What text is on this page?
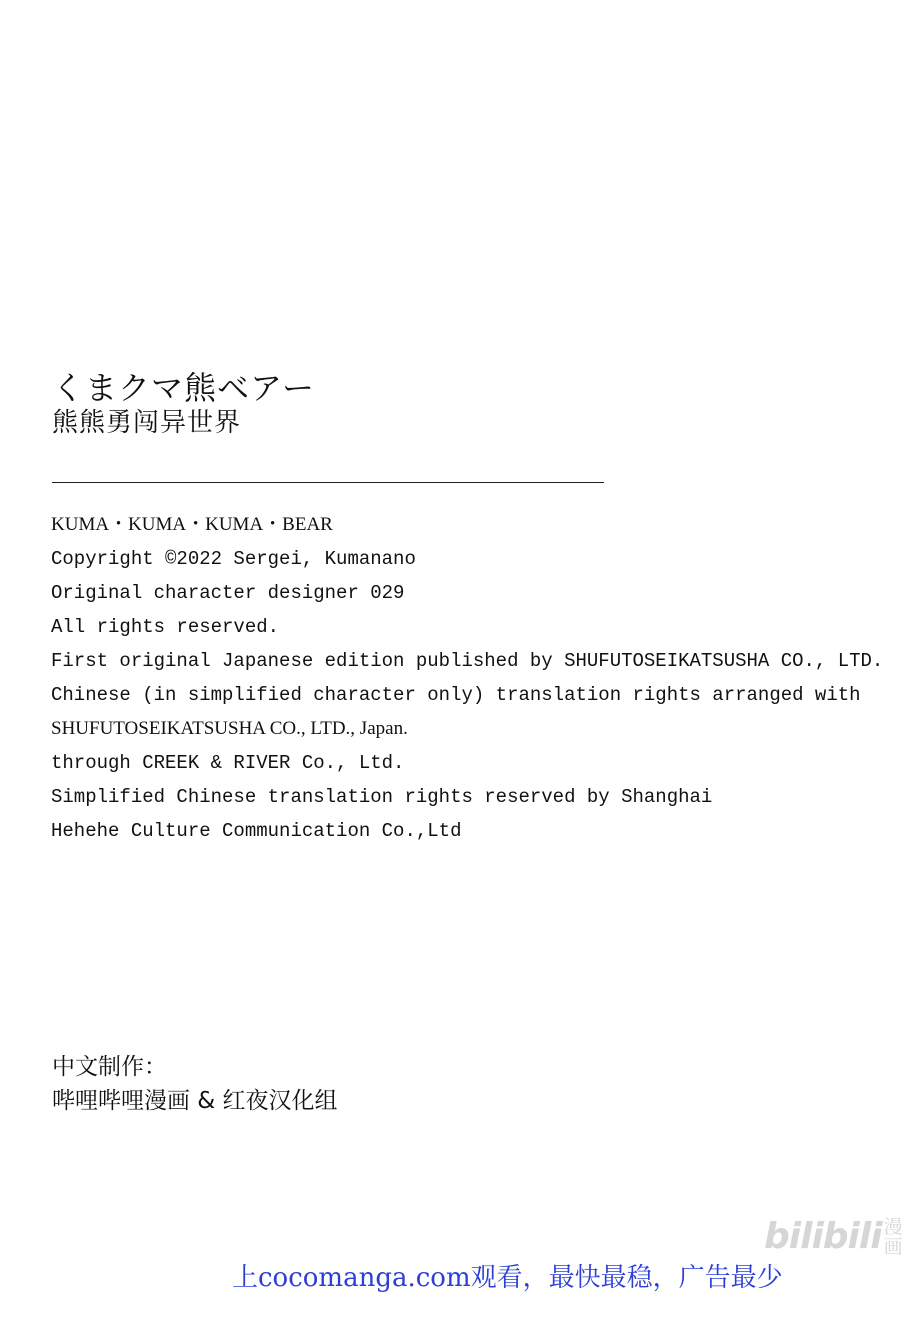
くまクマ熊ベアー
熊熊勇闯异世界
KUMA・KUMA・KUMA・BEAR
Copyright ©2022 Sergei, Kumanano
Original character designer 029
All rights reserved.
First original Japanese edition published by SHUFUTOSEIKATSUSHA CO., LTD.
Chinese (in simplified character only) translation rights arranged with
SHUFUTOSEIKATSUSHA CO., LTD., Japan.
through CREEK & RIVER Co., Ltd.
Simplified Chinese translation rights reserved by Shanghai
Hehehe Culture Communication Co.,Ltd
中文制作：
哔哩哔哩漫画 & 红夜汉化组
bilibili 漫画
上cocomanga.com观看，最快最稳，广告最少
